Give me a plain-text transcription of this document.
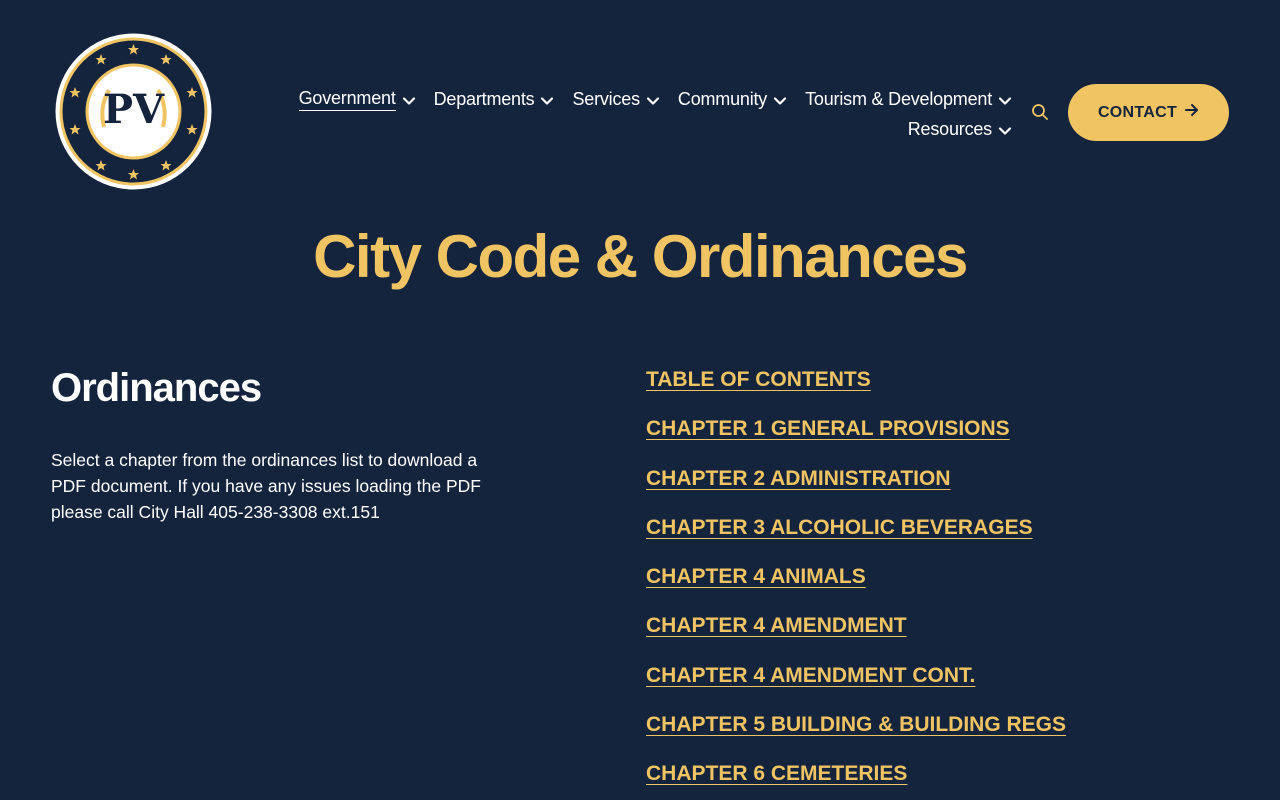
PV	Government Departments Services Community Tourism & Development
Resources
CONTACT
City Code & Ordinances
Ordinances

Select a chapter from the ordinances list to download a PDF document. If you have any issues loading the PDF please call City Hall 405-238-3308 ext.151

TABLE OF CONTENTS
CHAPTER 1 GENERAL PROVISIONS
CHAPTER 2 ADMINISTRATION
CHAPTER 3 ALCOHOLIC BEVERAGES
CHAPTER 4 ANIMALS
CHAPTER 4 AMENDMENT
CHAPTER 4 AMENDMENT CONT.
CHAPTER 5 BUILDING & BUILDING REGS
CHAPTER 6 CEMETERIES
